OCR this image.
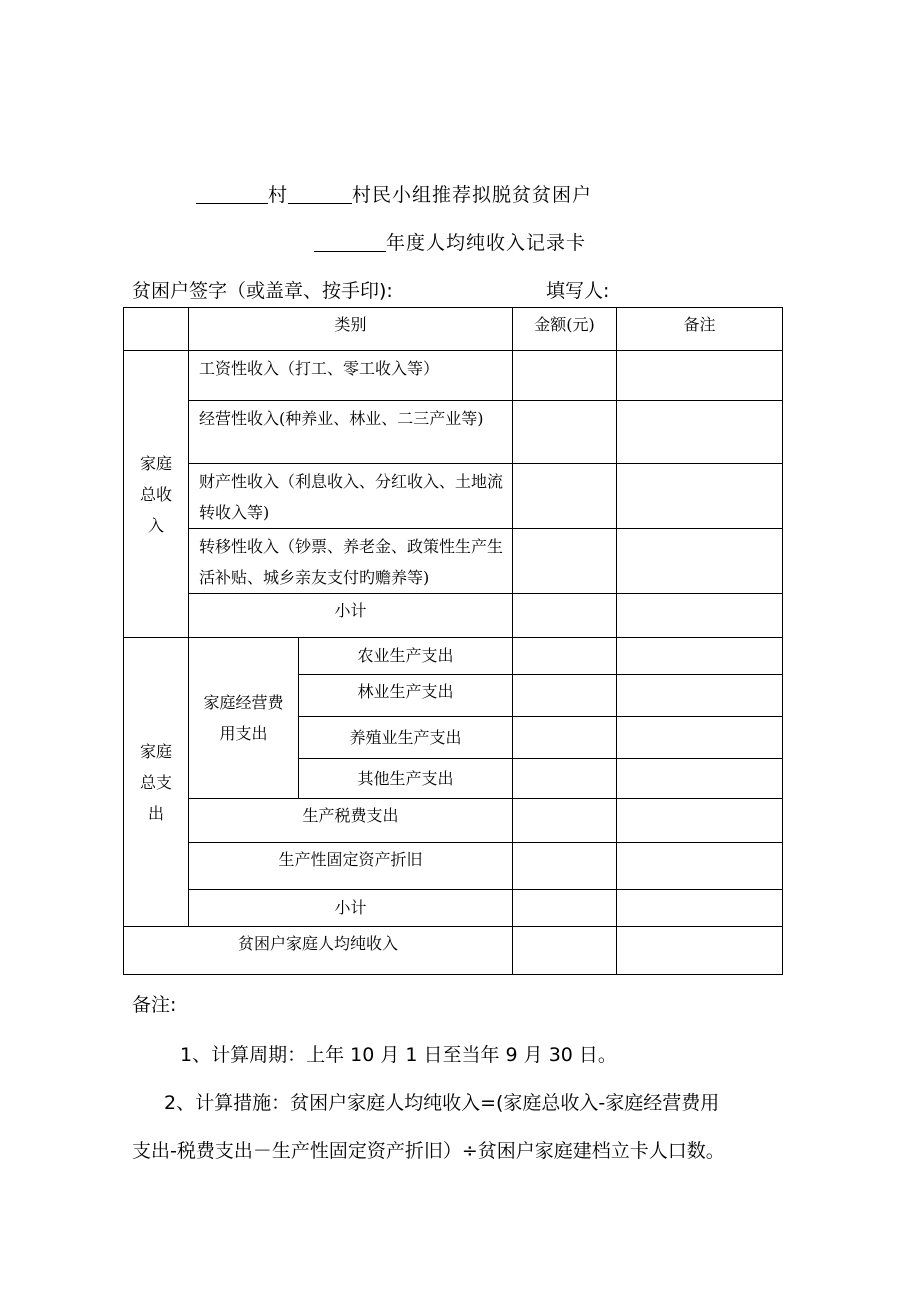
村	村民小组推荐拟脱贫贫困户
年度人均纯收入记录卡
贫困户签字（或盖章、按手印):	填写人:
	类别		金额(元)	备注

家庭总收入	工资性收入（打工、零工收入等）			
	经营性收入(种养业、林业、二三产业等)			
	财产性收入（利息收入、分红收入、土地流转收入等)			
	转移性收入（钞票、养老金、政策性生产生活补贴、城乡亲友支付旳赡养等)			
	小计			

家庭总支出	家庭经营费用支出	农业生产支出		
		林业生产支出		
		养殖业生产支出		
		其他生产支出		
	生产税费支出			
	生产性固定资产折旧			
	小计			
贫困户家庭人均纯收入				
备注:
1、计算周期：上年 10 月 1 日至当年 9 月 30 日。
2、计算措施：贫困户家庭人均纯收入=(家庭总收入-家庭经营费用
支出-税费支出－生产性固定资产折旧）÷贫困户家庭建档立卡人口数。
